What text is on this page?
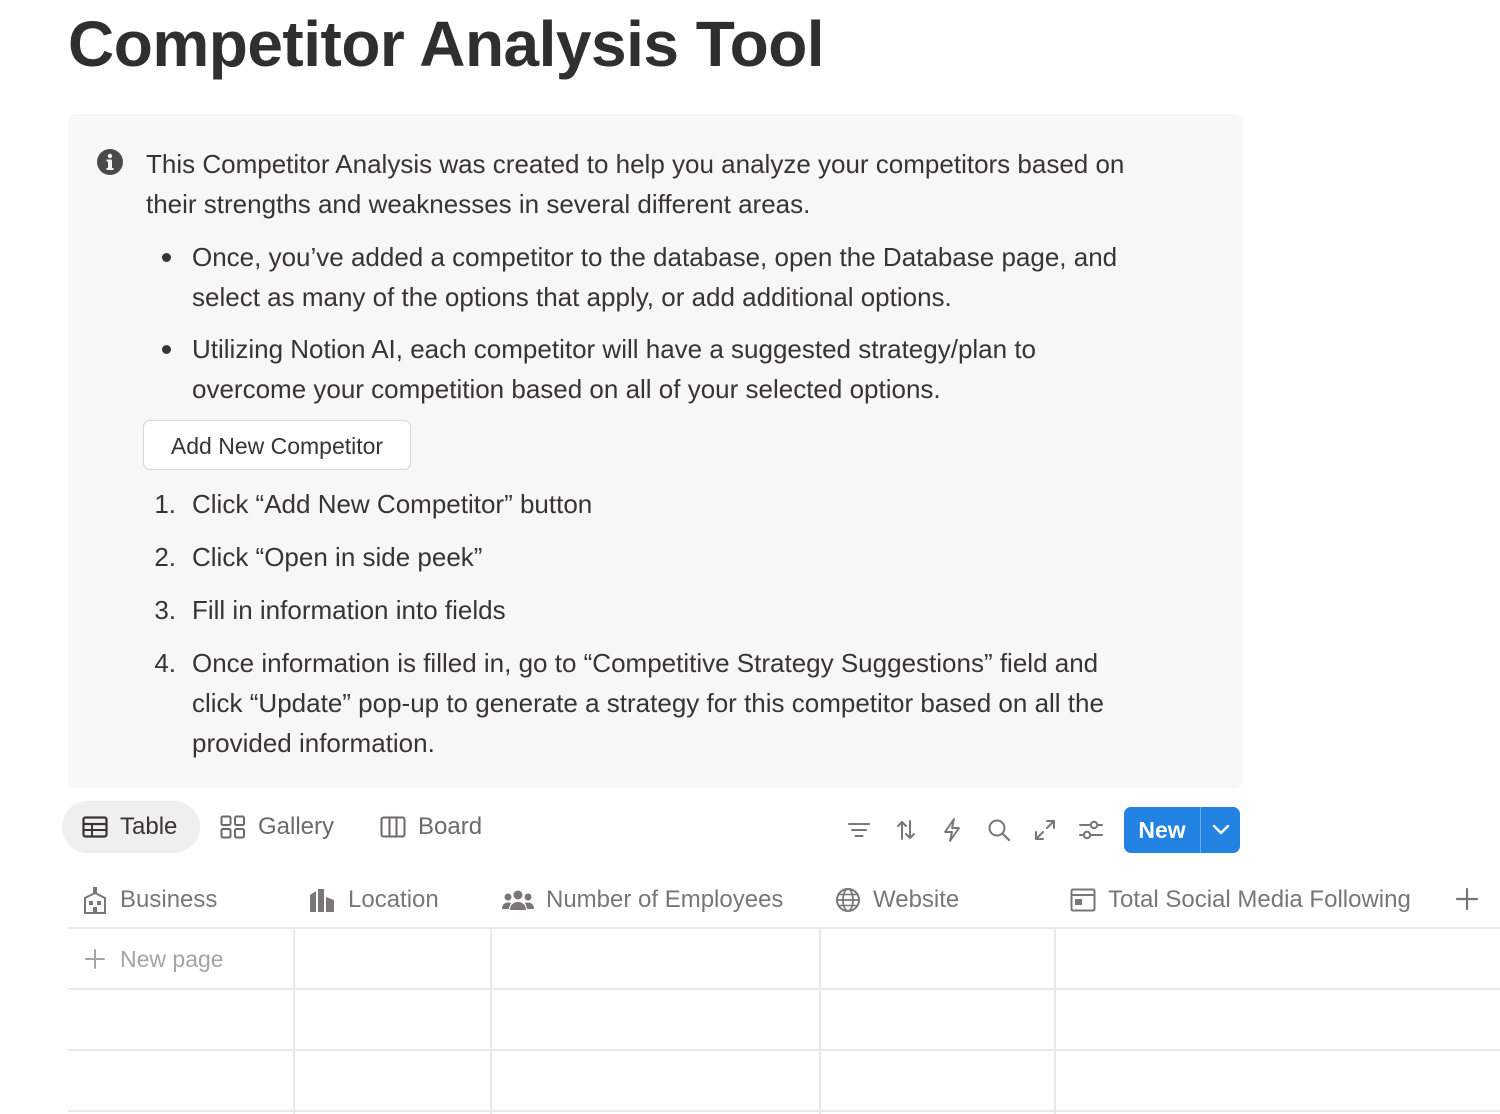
Competitor Analysis Tool
This Competitor Analysis was created to help you analyze your competitors based on
their strengths and weaknesses in several different areas.
Once, you’ve added a competitor to the database, open the Database page, and
select as many of the options that apply, or add additional options.
Utilizing Notion AI, each competitor will have a suggested strategy/plan to
overcome your competition based on all of your selected options.
Add New Competitor
1. Click “Add New Competitor” button
2. Click “Open in side peek”
3. Fill in information into fields
4. Once information is filled in, go to “Competitive Strategy Suggestions” field and
click “Update” pop-up to generate a strategy for this competitor based on all the
provided information.
Table	Gallery	Board	New
Business	Location	Number of Employees	Website	Total Social Media Following
New page
